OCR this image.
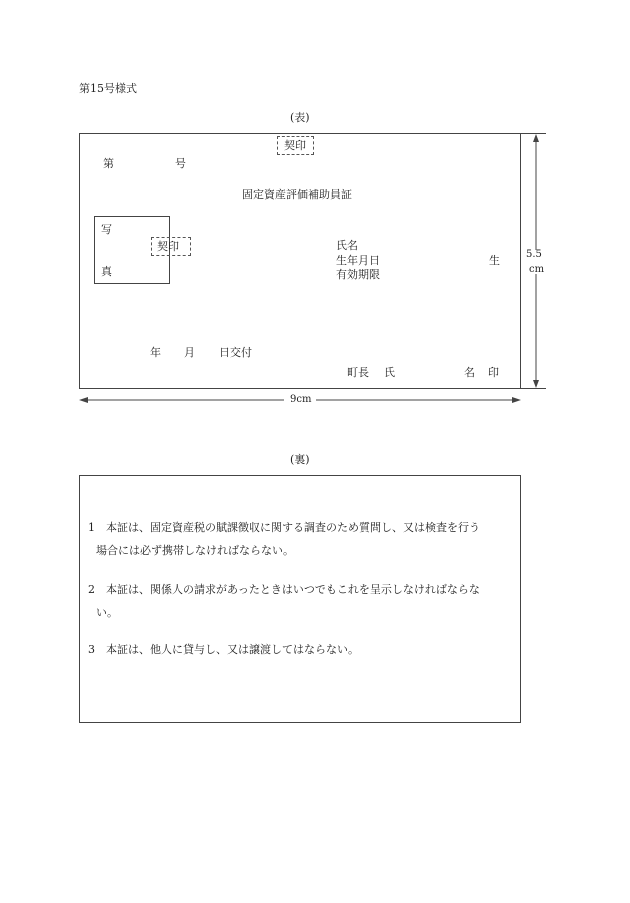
第15号様式
(表)
契印
第	号
固定資産評価補助員証
写
真
契印	氏名
生年月日	生
有効期限
年 月 日交付
町長 氏	名 印
5.5
cm
9cm
(裏)
1　本証は、固定資産税の賦課徴収に関する調査のため質問し、又は検査を行う
場合には必ず携帯しなければならない。
2　本証は、関係人の請求があったときはいつでもこれを呈示しなければならな
い。
3　本証は、他人に貸与し、又は譲渡してはならない。
